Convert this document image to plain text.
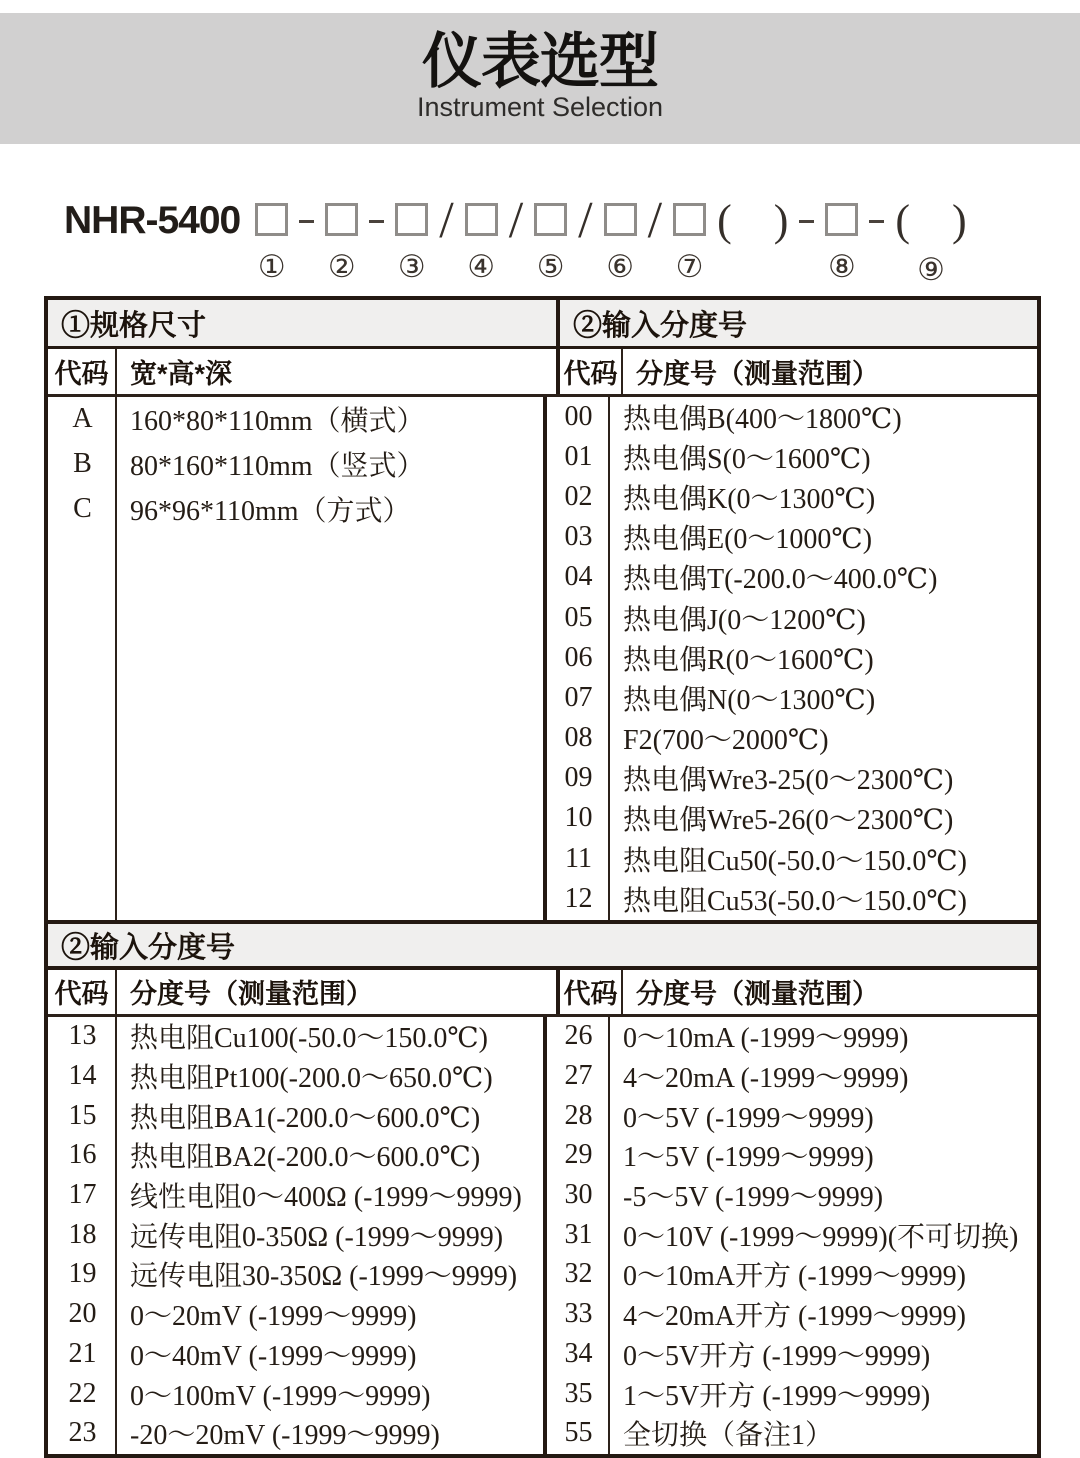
仪表选型
Instrument Selection
NHR-5400
① ② ③
/
④
/
⑤
/
⑥
/
⑦
( )
⑧
( )
⑨
①规格尺寸	②输入分度号
代码 宽*高*深	代码 分度号（测量范围）
A	160*80*110mm（横式）
B	80*160*110mm（竖式）
C	96*96*110mm（方式）
00	热电偶B(400～1800℃)
01	热电偶S(0～1600℃)
02	热电偶K(0～1300℃)
03	热电偶E(0～1000℃)
04	热电偶T(-200.0～400.0℃)
05	热电偶J(0～1200℃)
06	热电偶R(0～1600℃)
07	热电偶N(0～1300℃)
08	F2(700～2000℃)
09	热电偶Wre3-25(0～2300℃)
10	热电偶Wre5-26(0～2300℃)
11	热电阻Cu50(-50.0～150.0℃)
12	热电阻Cu53(-50.0～150.0℃)
②输入分度号
代码 分度号（测量范围）	代码 分度号（测量范围）
13	热电阻Cu100(-50.0～150.0℃)
14	热电阻Pt100(-200.0～650.0℃)
15	热电阻BA1(-200.0～600.0℃)
16	热电阻BA2(-200.0～600.0℃)
17	线性电阻0～400Ω (-1999～9999)
18	远传电阻0-350Ω (-1999～9999)
19	远传电阻30-350Ω (-1999～9999)
20	0～20mV (-1999～9999)
21	0～40mV (-1999～9999)
22	0～100mV (-1999～9999)
23	-20～20mV (-1999～9999)
26	0～10mA (-1999～9999)
27	4～20mA (-1999～9999)
28	0～5V (-1999～9999)
29	1～5V (-1999～9999)
30	-5～5V (-1999～9999)
31	0～10V (-1999～9999)(不可切换)
32	0～10mA开方 (-1999～9999)
33	4～20mA开方 (-1999～9999)
34	0～5V开方 (-1999～9999)
35	1～5V开方 (-1999～9999)
55	全切换（备注1）
